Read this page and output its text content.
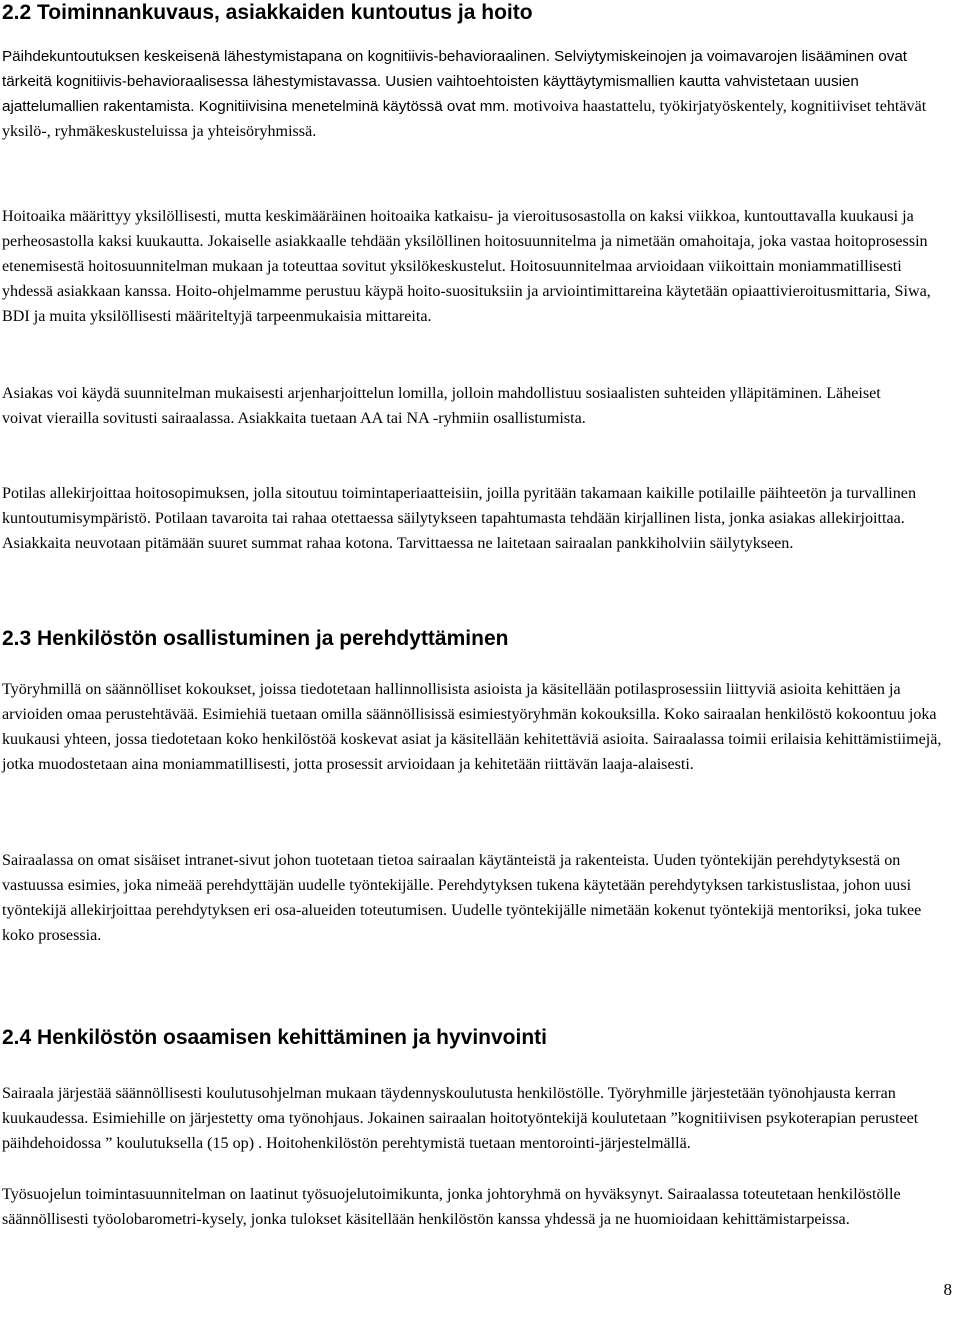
2.2 Toiminnankuvaus, asiakkaiden kuntoutus ja hoito

Päihdekuntoutuksen keskeisenä lähestymistapana on kognitiivis-behavioraalinen. Selviytymiskeinojen ja voimavarojen lisääminen ovat tärkeitä kognitiivis-behavioraalisessa lähestymistavassa. Uusien vaihtoehtoisten käyttäytymismallien kautta vahvistetaan uusien ajattelumallien rakentamista. Kognitiivisina menetelminä käytössä ovat mm. motivoiva haastattelu, työkirjatyöskentely, kognitiiviset tehtävät yksilö-, ryhmäkeskusteluissa ja yhteisöryhmissä.

Hoitoaika määrittyy yksilöllisesti, mutta keskimääräinen hoitoaika katkaisu- ja vieroitusosastolla on kaksi viikkoa, kuntouttavalla kuukausi ja perheosastolla kaksi kuukautta. Jokaiselle asiakkaalle tehdään yksilöllinen hoitosuunnitelma ja nimetään omahoitaja, joka vastaa hoitoprosessin etenemisestä hoitosuunnitelman mukaan ja toteuttaa sovitut yksilökeskustelut. Hoitosuunnitelmaa arvioidaan viikoittain moniammatillisesti yhdessä asiakkaan kanssa. Hoito-ohjelmamme perustuu käypä hoito-suosituksiin ja arviointimittareina käytetään opiaattivieroitusmittaria, Siwa, BDI ja muita yksilöllisesti määriteltyjä tarpeenmukaisia mittareita.

Asiakas voi käydä suunnitelman mukaisesti arjenharjoittelun lomilla, jolloin mahdollistuu sosiaalisten suhteiden ylläpitäminen. Läheiset voivat vierailla sovitusti sairaalassa. Asiakkaita tuetaan AA tai NA -ryhmiin osallistumista.

Potilas allekirjoittaa hoitosopimuksen, jolla sitoutuu toimintaperiaatteisiin, joilla pyritään takamaan kaikille potilaille päihteetön ja turvallinen kuntoutumisympäristö. Potilaan tavaroita tai rahaa otettaessa säilytykseen tapahtumasta tehdään kirjallinen lista, jonka asiakas allekirjoittaa. Asiakkaita neuvotaan pitämään suuret summat rahaa kotona. Tarvittaessa ne laitetaan sairaalan pankkiholviin säilytykseen.

2.3 Henkilöstön osallistuminen ja perehdyttäminen

Työryhmillä on säännölliset kokoukset, joissa tiedotetaan hallinnollisista asioista ja käsitellään potilasprosessiin liittyviä asioita kehittäen ja arvioiden omaa perustehtävää. Esimiehiä tuetaan omilla säännöllisissä esimiestyöryhmän kokouksilla. Koko sairaalan henkilöstö kokoontuu joka kuukausi yhteen, jossa tiedotetaan koko henkilöstöä koskevat asiat ja käsitellään kehitettäviä asioita. Sairaalassa toimii erilaisia kehittämistiimejä, jotka muodostetaan aina moniammatillisesti, jotta prosessit arvioidaan ja kehitetään riittävän laaja-alaisesti.

Sairaalassa on omat sisäiset intranet-sivut johon tuotetaan tietoa sairaalan käytänteistä ja rakenteista. Uuden työntekijän perehdytyksestä on vastuussa esimies, joka nimeää perehdyttäjän uudelle työntekijälle. Perehdytyksen tukena käytetään perehdytyksen tarkistuslistaa, johon uusi työntekijä allekirjoittaa perehdytyksen eri osa-alueiden toteutumisen. Uudelle työntekijälle nimetään kokenut työntekijä mentoriksi, joka tukee koko prosessia.

2.4 Henkilöstön osaamisen kehittäminen ja hyvinvointi

Sairaala järjestää säännöllisesti koulutusohjelman mukaan täydennyskoulutusta henkilöstölle. Työryhmille järjestetään työnohjausta kerran kuukaudessa. Esimiehille on järjestetty oma työnohjaus. Jokainen sairaalan hoitotyöntekijä koulutetaan ”kognitiivisen psykoterapian perusteet päihdehoidossa ” koulutuksella (15 op) . Hoitohenkilöstön perehtymistä tuetaan mentorointi-järjestelmällä.

Työsuojelun toimintasuunnitelman on laatinut työsuojelutoimikunta, jonka johtoryhmä on hyväksynyt. Sairaalassa toteutetaan henkilöstölle säännöllisesti työolobarometri-kysely, jonka tulokset käsitellään henkilöstön kanssa yhdessä ja ne huomioidaan kehittämistarpeissa.

8
